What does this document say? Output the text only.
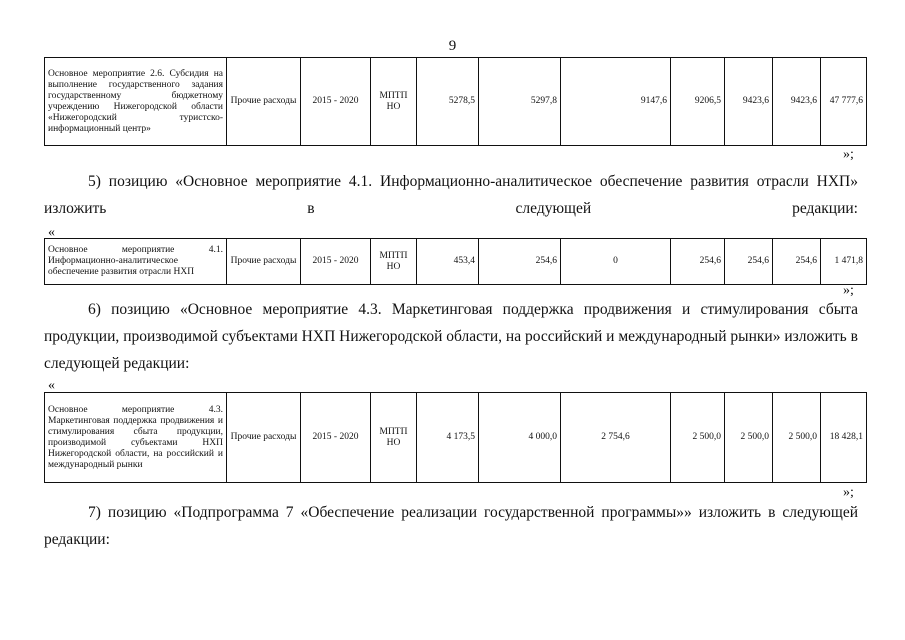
9
Основное мероприятие 2.6. Субсидия на выполнение государственного задания государственному бюджетному учреждению Нижегородской области «Нижегородский туристско-информационный центр»	Прочие расходы	2015 - 2020	МПТП НО	5278,5	5297,8	9147,6	9206,5	9423,6	9423,6	47 777,6
»;
5) позицию «Основное мероприятие 4.1. Информационно-аналитическое обеспечение развития отрасли НХП» изложить в следующей редакции:
«
Основное мероприятие 4.1. Информационно-аналитическое обеспечение развития отрасли НХП	Прочие расходы	2015 - 2020	МПТП НО	453,4	254,6	0	254,6	254,6	254,6	1 471,8
»;
6) позицию «Основное мероприятие 4.3. Маркетинговая поддержка продвижения и стимулирования сбыта продукции, производимой субъектами НХП Нижегородской области, на российский и международный рынки» изложить в следующей редакции:
«
Основное мероприятие 4.3. Маркетинговая поддержка продвижения и стимулирования сбыта продукции, производимой субъектами НХП Нижегородской области, на российский и международный рынки	Прочие расходы	2015 - 2020	МПТП НО	4 173,5	4 000,0	2 754,6	2 500,0	2 500,0	2 500,0	18 428,1
»;
7) позицию «Подпрограмма 7 «Обеспечение реализации государственной программы»» изложить в следующей редакции:
